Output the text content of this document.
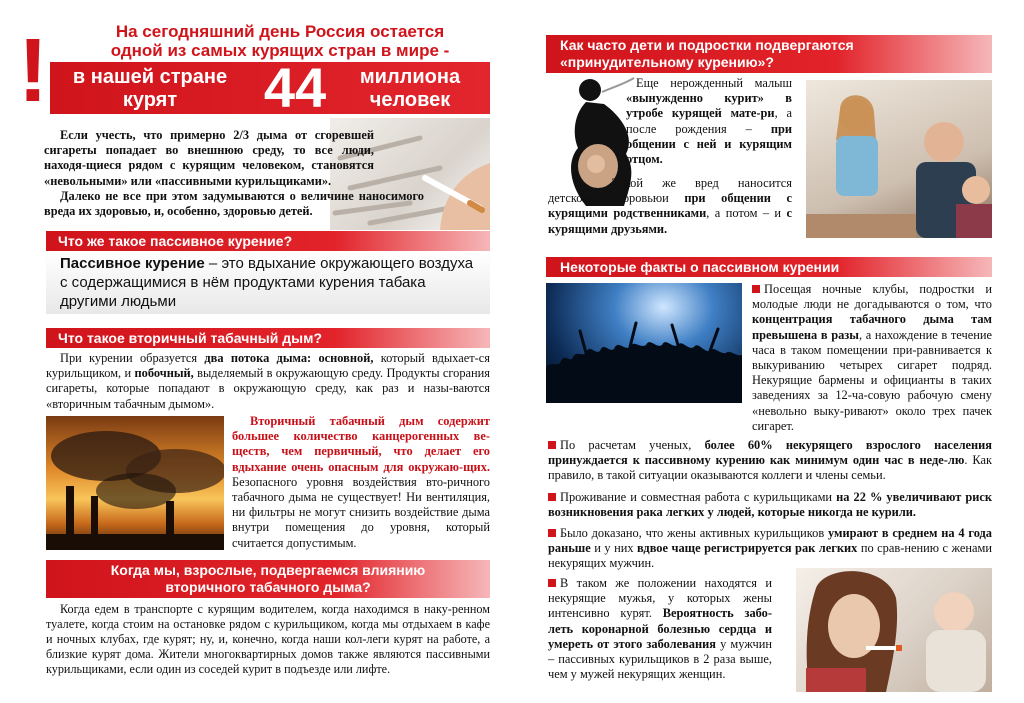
На сегодняшний день Россия остается
одной из самых курящих стран в мире -
!	в нашей стране
курят	44	миллиона
человек
Если учесть, что примерно 2/3 дыма от сгоревшей сигареты попадает во внешнюю среду, то все люди, находя-щиеся рядом с курящим человеком, становятся «невольными» или «пассивными курильщиками».
Далеко не все при этом задумываются о величине наносимого вреда их здоровью, и, особенно, здоровью детей.
Что же такое пассивное курение?
Пассивное курение – это вдыхание окружающего воздуха с содержащимися в нём продуктами курения табака другими людьми
Что такое вторичный табачный дым?
При курении образуется два потока дыма: основной, который вдыхает-ся курильщиком, и побочный, выделяемый в окружающую среду. Продукты сгорания сигареты, которые попадают в окружающую среду, как раз и назы-ваются «вторичным табачным дымом».
Вторичный табачный дым содержит большее количество канцерогенных ве-ществ, чем первичный, что делает его вдыхание очень опасным для окружаю-щих. Безопасного уровня воздействия вто-ричного табачного дыма не существует! Ни вентиляция, ни фильтры не могут снизить воздействие дыма внутри помещения до уровня, который считается допустимым.
Когда мы, взрослые, подвергаемся влиянию
вторичного табачного дыма?
Когда едем в транспорте с курящим водителем, когда находимся в наку-ренном туалете, когда стоим на остановке рядом с курильщиком, когда мы отдыхаем в кафе и ночных клубах, где курят; ну, и, конечно, когда наши кол-леги курят на работе, а близкие курят дома. Жители многоквартирных домов также являются пассивными курильщиками, если один из соседей курит в подъезде или лифте.
Как часто дети и подростки подвергаются
«принудительному курению»?
Еще нерожденный малыш «вынужденно курит» в утробе курящей мате-ри, а после рождения – при общении с ней и курящим отцом.
Такой же вред наносится детскому здоровьюи при общении с курящими родственниками, а потом – и с курящими друзьями.
Некоторые факты о пассивном курении
Посещая ночные клубы, подростки и молодые люди не догадываются о том, что концентрация табачного дыма там превышена в разы, а нахождение в течение часа в таком помещении при-равнивается к выкуриванию четырех сигарет подряд. Некурящие бармены и официанты в таких заведениях за 12-ча-совую рабочую смену «невольно выку-ривают» около трех пачек сигарет.
По расчетам ученых, более 60% некурящего взрослого населения принуждается к пассивному курению как минимум один час в неде-лю. Как правило, в такой ситуации оказываются коллеги и члены семьи.
Проживание и совместная работа с курильщиками на 22 % увеличивают риск возникновения рака легких у людей, которые никогда не курили.
Было доказано, что жены активных курильщиков умирают в среднем на 4 года раньше и у них вдвое чаще регистрируется рак легких по срав-нению с женами некурящих мужчин.
В таком же положении находятся и некурящие мужья, у которых жены интенсивно курят. Вероятность забо-леть коронарной болезнью сердца и умереть от этого заболевания у мужчин – пассивных курильщиков в 2 раза выше, чем у мужей некурящих женщин.
